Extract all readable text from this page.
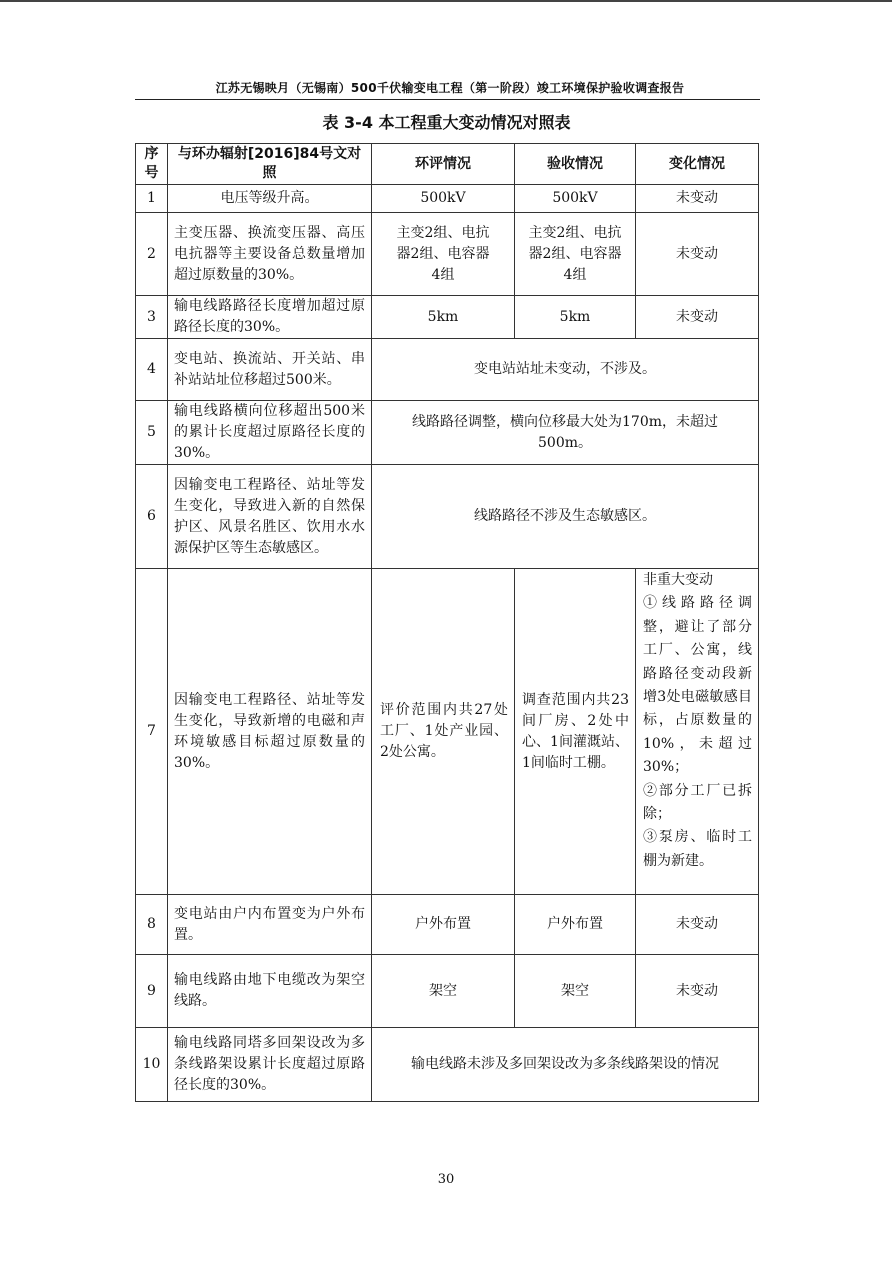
江苏无锡映月（无锡南）500千伏输变电工程（第一阶段）竣工环境保护验收调查报告
表 3-4 本工程重大变动情况对照表
序号	与环办辐射[2016]84号文对照	环评情况	验收情况	变化情况
1	电压等级升高。	500kV	500kV	未变动
2	主变压器、换流变压器、高压电抗器等主要设备总数量增加超过原数量的30%。	主变2组、电抗器2组、电容器4组	主变2组、电抗器2组、电容器4组	未变动
3	输电线路路径长度增加超过原路径长度的30%。	5km	5km	未变动
4	变电站、换流站、开关站、串补站站址位移超过500米。	变电站站址未变动，不涉及。		
5	输电线路横向位移超出500米的累计长度超过原路径长度的30%。	线路路径调整，横向位移最大处为170m，未超过500m。		
6	因输变电工程路径、站址等发生变化，导致进入新的自然保护区、风景名胜区、饮用水水源保护区等生态敏感区。	线路路径不涉及生态敏感区。		
7	因输变电工程路径、站址等发生变化，导致新增的电磁和声环境敏感目标超过原数量的30%。	评价范围内共27处工厂、1处产业园、2处公寓。	调查范围内共23间厂房、2处中心、1间灌溉站、1间临时工棚。	非重大变动
①线路路径调整，避让了部分工厂、公寓，线路路径变动段新增3处电磁敏感目标，占原数量的10%，未超过30%；
②部分工厂已拆除；
③泵房、临时工棚为新建。

8	变电站由户内布置变为户外布置。	户外布置	户外布置	未变动
9	输电线路由地下电缆改为架空线路。	架空	架空	未变动
10	输电线路同塔多回架设改为多条线路架设累计长度超过原路径长度的30%。	输电线路未涉及多回架设改为多条线路架设的情况		
30
